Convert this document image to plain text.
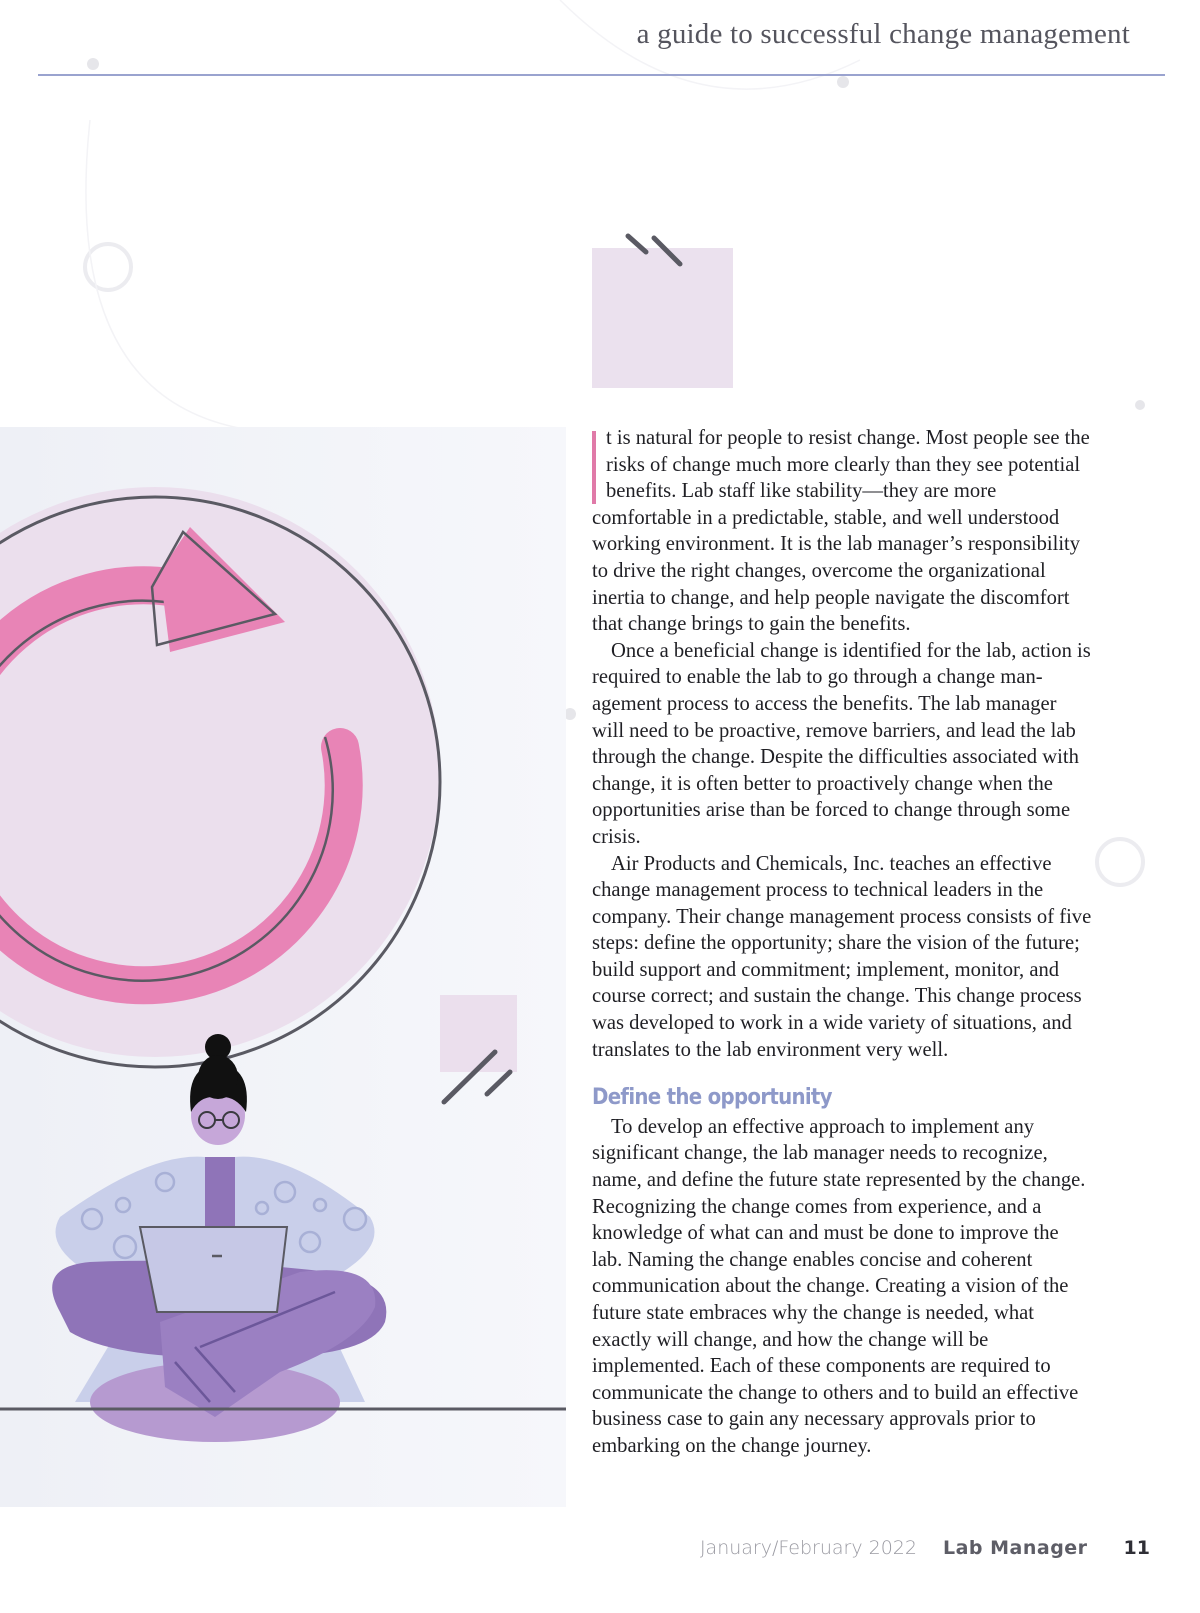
a guide to successful change management

t is natural for people to resist change. Most people see the risks of change much more clearly than they see potential benefits. Lab staff like stability—they are more comfortable in a predictable, stable, and well understood working environment. It is the lab manager’s responsibility to drive the right changes, overcome the organizational inertia to change, and help people navigate the discomfort that change brings to gain the benefits.

Once a beneficial change is identified for the lab, action is required to enable the lab to go through a change management process to access the benefits. The lab manager will need to be proactive, remove barriers, and lead the lab through the change. Despite the difficulties associated with change, it is often better to proactively change when the opportunities arise than be forced to change through some crisis.

Air Products and Chemicals, Inc. teaches an effective change management process to technical leaders in the company. Their change management process consists of five steps: define the opportunity; share the vision of the future; build support and commitment; implement, monitor, and course correct; and sustain the change. This change process was developed to work in a wide variety of situations, and translates to the lab environment very well.

Define the opportunity

To develop an effective approach to implement any significant change, the lab manager needs to recognize, name, and define the future state represented by the change. Recognizing the change comes from experience, and a knowledge of what can and must be done to improve the lab. Naming the change enables concise and coherent communication about the change. Creating a vision of the future state embraces why the change is needed, what exactly will change, and how the change will be implemented. Each of these components are required to communicate the change to others and to build an effective business case to gain any necessary approvals prior to embarking on the change journey.

January/February 2022 Lab Manager 11
